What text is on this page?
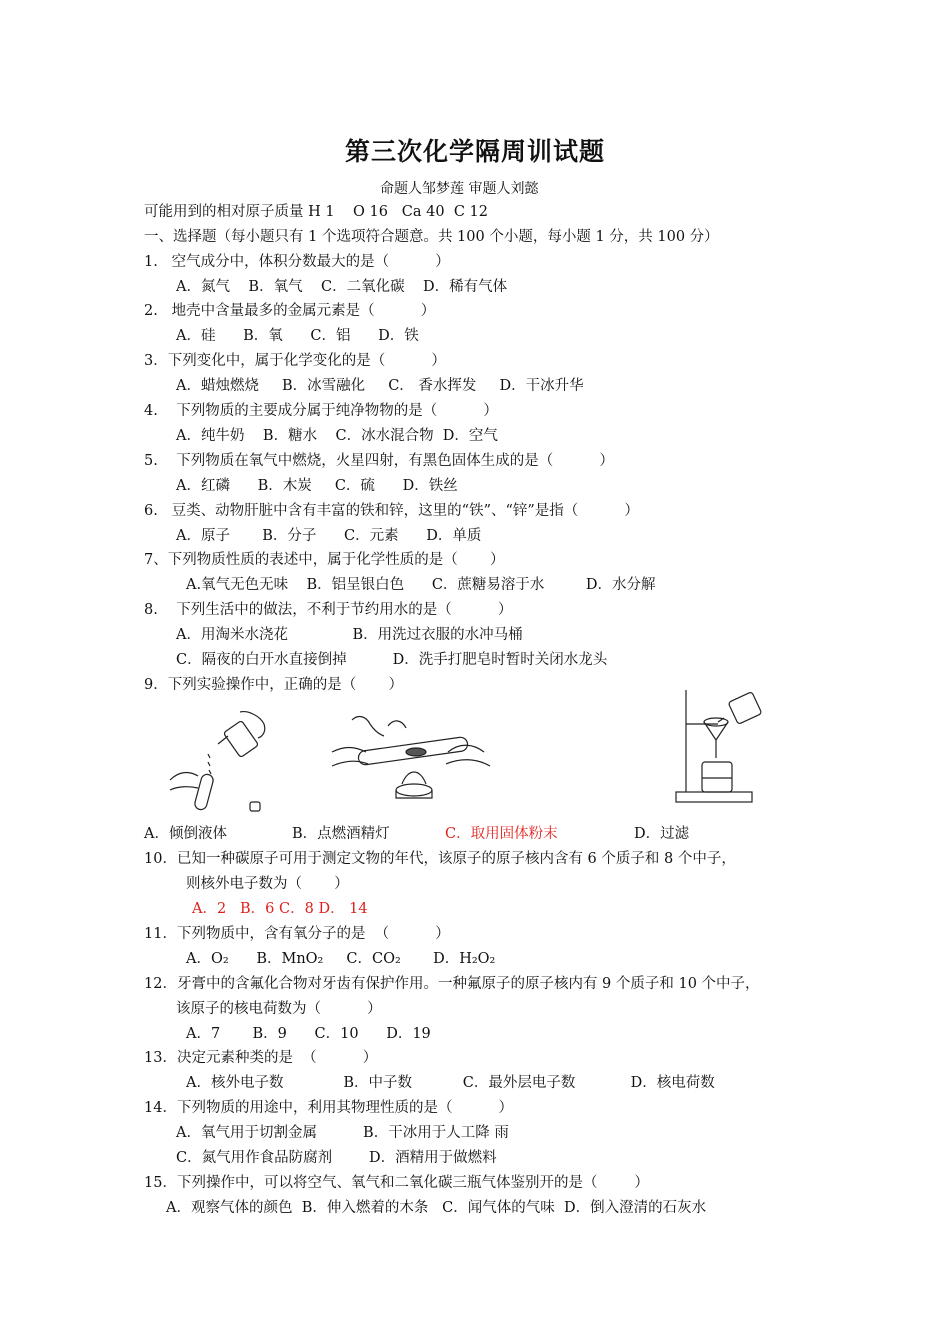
第三次化学隔周训试题
命题人邹梦莲 审题人刘懿
可能用到的相对原子质量 H 1    O 16   Ca 40  C 12
一、选择题（每小题只有 1 个选项符合题意。共 100 个小题，每小题 1 分，共 100 分）
1.   空气成分中，体积分数最大的是（          ）
A．氮气    B．氧气    C．二氧化碳    D．稀有气体
2.   地壳中含量最多的金属元素是（          ）
A．硅      B．氧      C．铝      D．铁
3．下列变化中，属于化学变化的是（          ）
A．蜡烛燃烧     B．冰雪融化     C． 香水挥发     D．干冰升华
4.    下列物质的主要成分属于纯净物物的是（          ）
A．纯牛奶    B．糖水    C．冰水混合物  D．空气
5.    下列物质在氧气中燃烧，火星四射，有黑色固体生成的是（          ）
A．红磷      B．木炭     C．硫      D．铁丝
6.   豆类、动物肝脏中含有丰富的铁和锌，这里的“铁”、“锌”是指（          ）
A．原子       B．分子      C．元素      D．单质
7、下列物质性质的表述中，属于化学性质的是（       ）
A.氧气无色无味    B．铝呈银白色      C．蔗糖易溶于水         D．水分解
8.    下列生活中的做法，不利于节约用水的是（          ）
A．用淘米水浇花              B．用洗过衣服的水冲马桶
C．隔夜的白开水直接倒掉          D．洗手打肥皂时暂时关闭水龙头
9．下列实验操作中，正确的是（       ）
A．倾倒液体	B．点燃酒精灯	C．取用固体粉末	D．过滤
10．已知一种碳原子可用于测定文物的年代，该原子的原子核内含有 6 个质子和 8 个中子，
则核外电子数为（       ）
A．2   B．6 C．8 D． 14
11．下列物质中，含有氧分子的是  （          ）
A．O₂      B．MnO₂     C．CO₂       D．H₂O₂
12．牙膏中的含氟化合物对牙齿有保护作用。一种氟原子的原子核内有 9 个质子和 10 个中子，
该原子的核电荷数为（          ）
A．7       B．9      C．10      D．19
13．决定元素种类的是  （          ）
A．核外电子数             B．中子数           C．最外层电子数            D．核电荷数
14．下列物质的用途中，利用其物理性质的是（          ）
A．氧气用于切割金属          B．干冰用于人工降 雨
C．氮气用作食品防腐剂        D．酒精用于做燃料
15．下列操作中，可以将空气、氧气和二氧化碳三瓶气体鉴别开的是（        ）
A．观察气体的颜色  B．伸入燃着的木条   C．闻气体的气味  D．倒入澄清的石灰水
